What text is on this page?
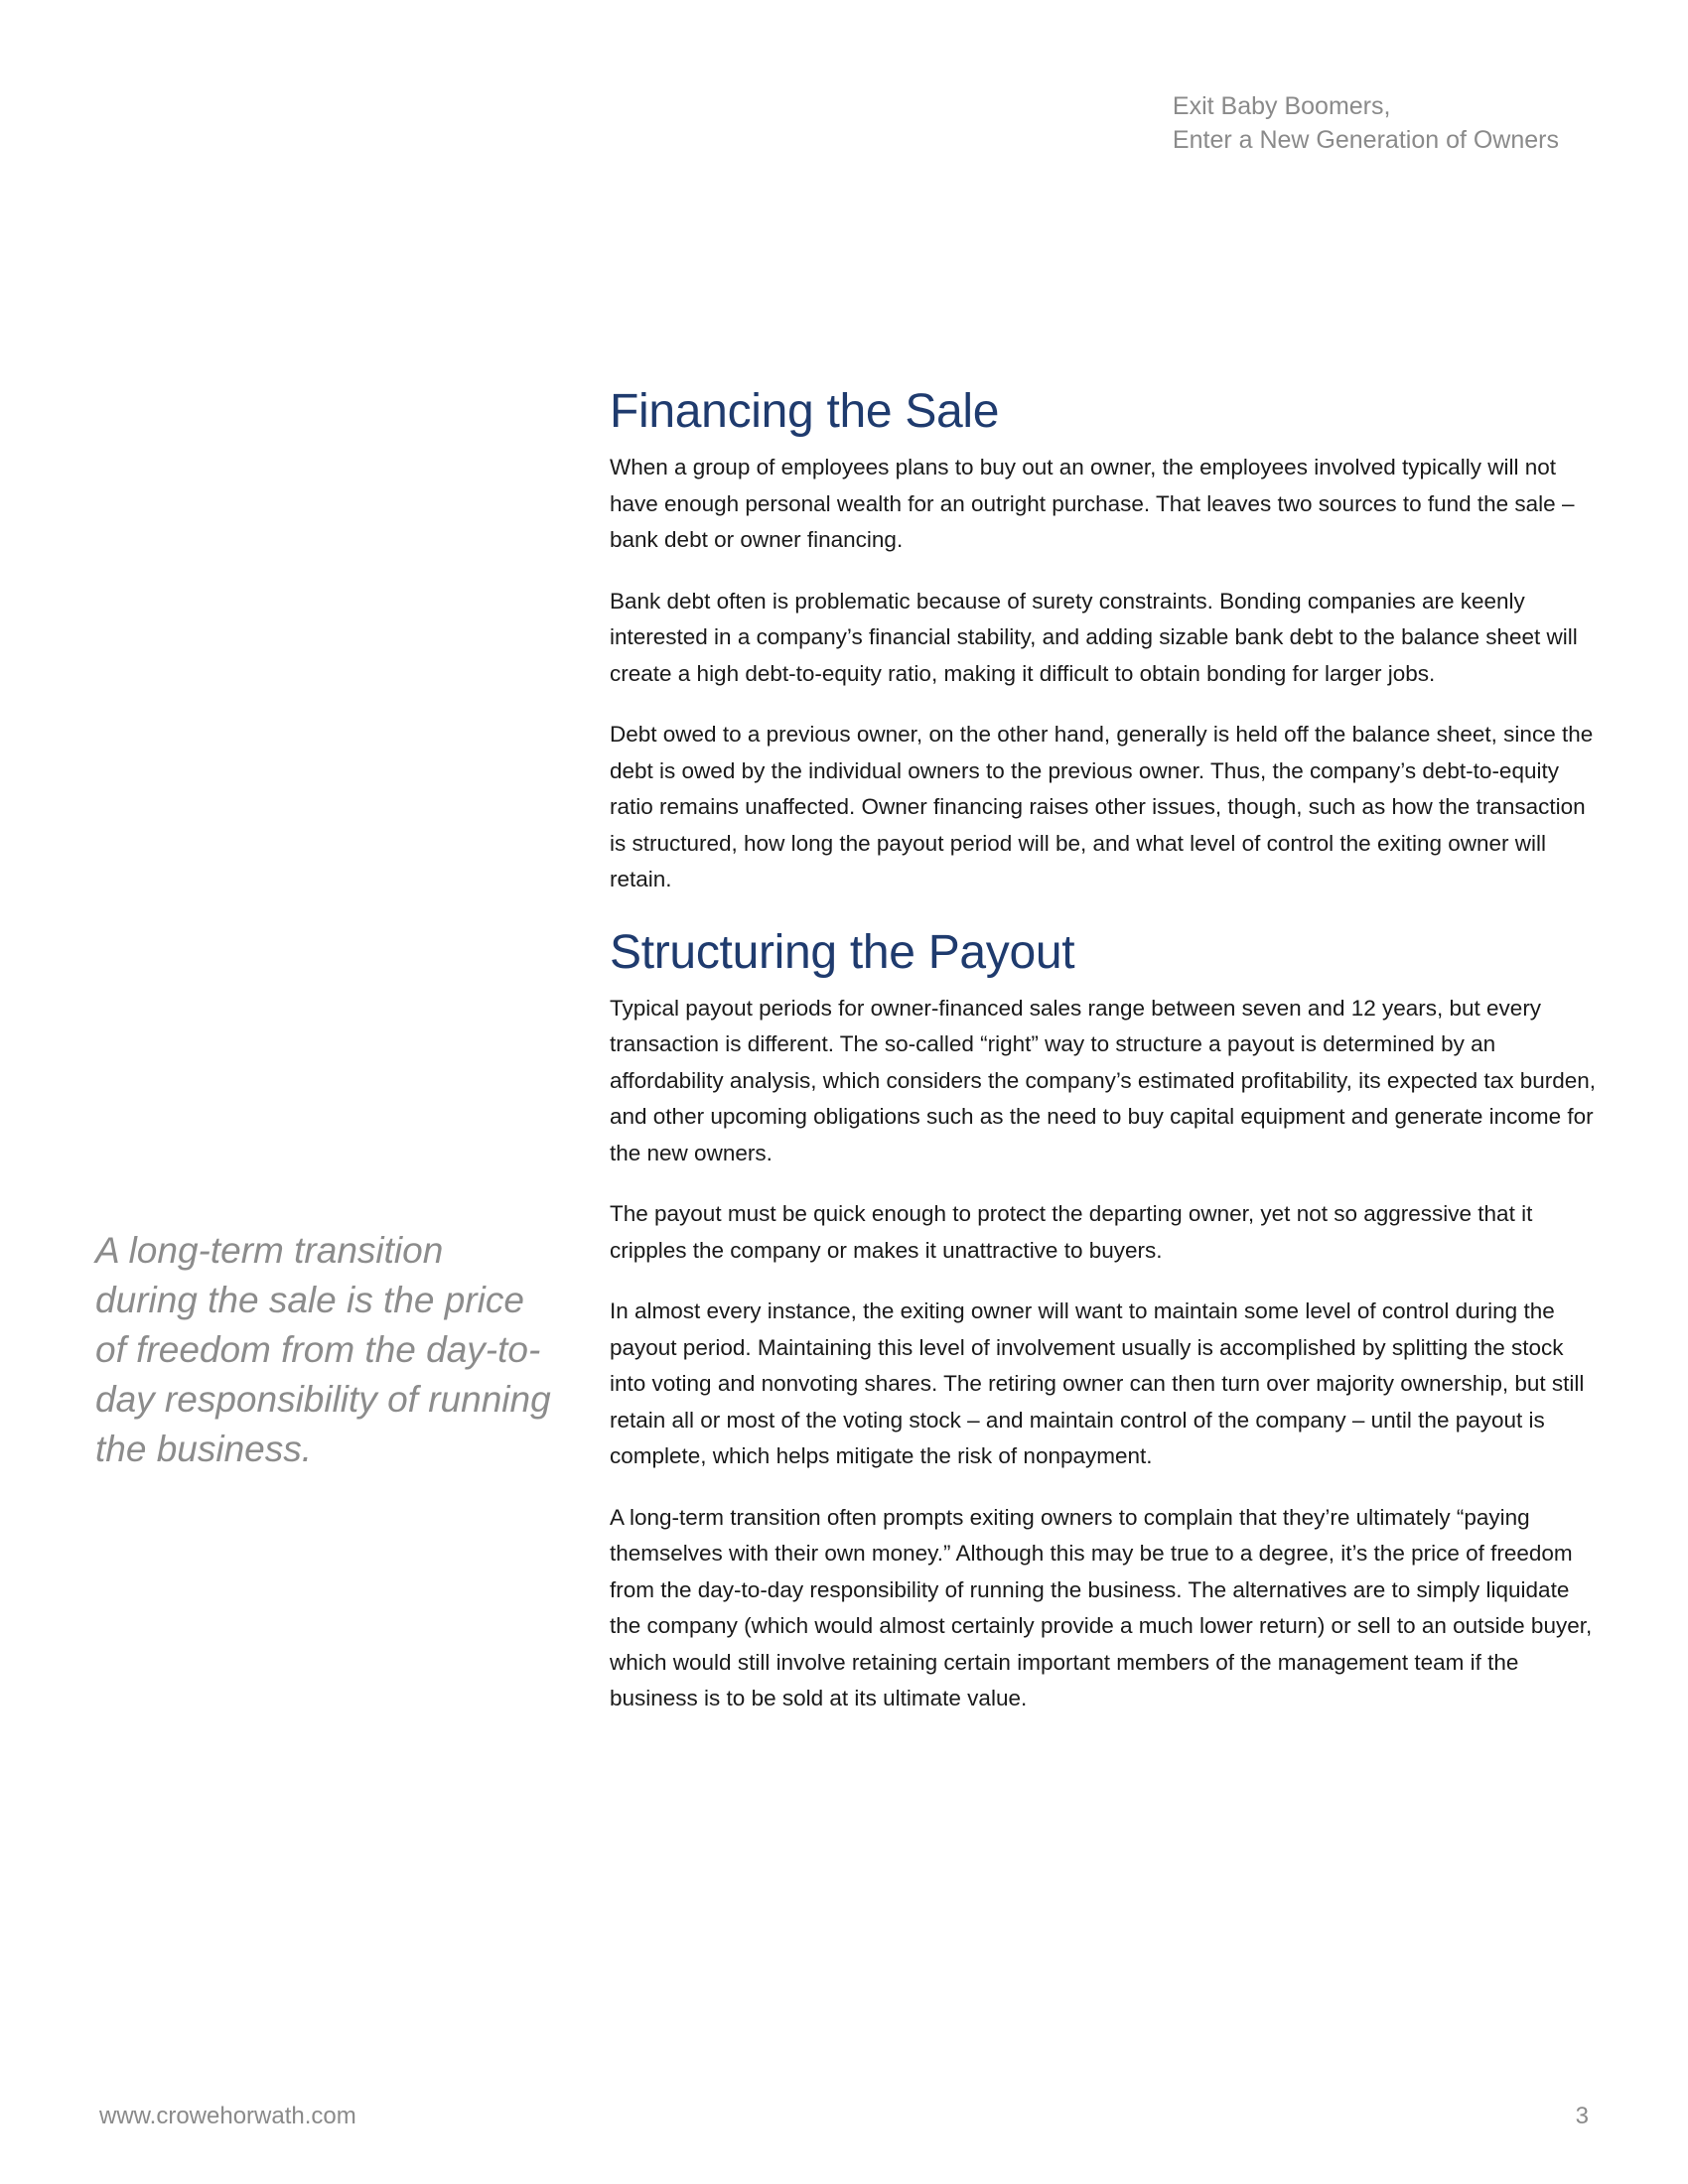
Exit Baby Boomers,
Enter a New Generation of Owners
Financing the Sale

When a group of employees plans to buy out an owner, the employees involved typically will not have enough personal wealth for an outright purchase. That leaves two sources to fund the sale – bank debt or owner financing.

Bank debt often is problematic because of surety constraints. Bonding companies are keenly interested in a company’s financial stability, and adding sizable bank debt to the balance sheet will create a high debt-to-equity ratio, making it difficult to obtain bonding for larger jobs.

Debt owed to a previous owner, on the other hand, generally is held off the balance sheet, since the debt is owed by the individual owners to the previous owner. Thus, the company’s debt-to-equity ratio remains unaffected. Owner financing raises other issues, though, such as how the transaction is structured, how long the payout period will be, and what level of control the exiting owner will retain.

Structuring the Payout

Typical payout periods for owner-financed sales range between seven and 12 years, but every transaction is different. The so-called “right” way to structure a payout is determined by an affordability analysis, which considers the company’s estimated profitability, its expected tax burden, and other upcoming obligations such as the need to buy capital equipment and generate income for the new owners.

The payout must be quick enough to protect the departing owner, yet not so aggressive that it cripples the company or makes it unattractive to buyers.

In almost every instance, the exiting owner will want to maintain some level of control during the payout period. Maintaining this level of involvement usually is accomplished by splitting the stock into voting and nonvoting shares. The retiring owner can then turn over majority ownership, but still retain all or most of the voting stock – and maintain control of the company – until the payout is complete, which helps mitigate the risk of nonpayment.

A long-term transition often prompts exiting owners to complain that they’re ultimately “paying themselves with their own money.” Although this may be true to a degree, it’s the price of freedom from the day-to-day responsibility of running the business. The alternatives are to simply liquidate the company (which would almost certainly provide a much lower return) or sell to an outside buyer, which would still involve retaining certain important members of the management team if the business is to be sold at its ultimate value.

A long-term transition during the sale is the price of freedom from the day-to-day responsibility of running the business.

www.crowehorwath.com	3
